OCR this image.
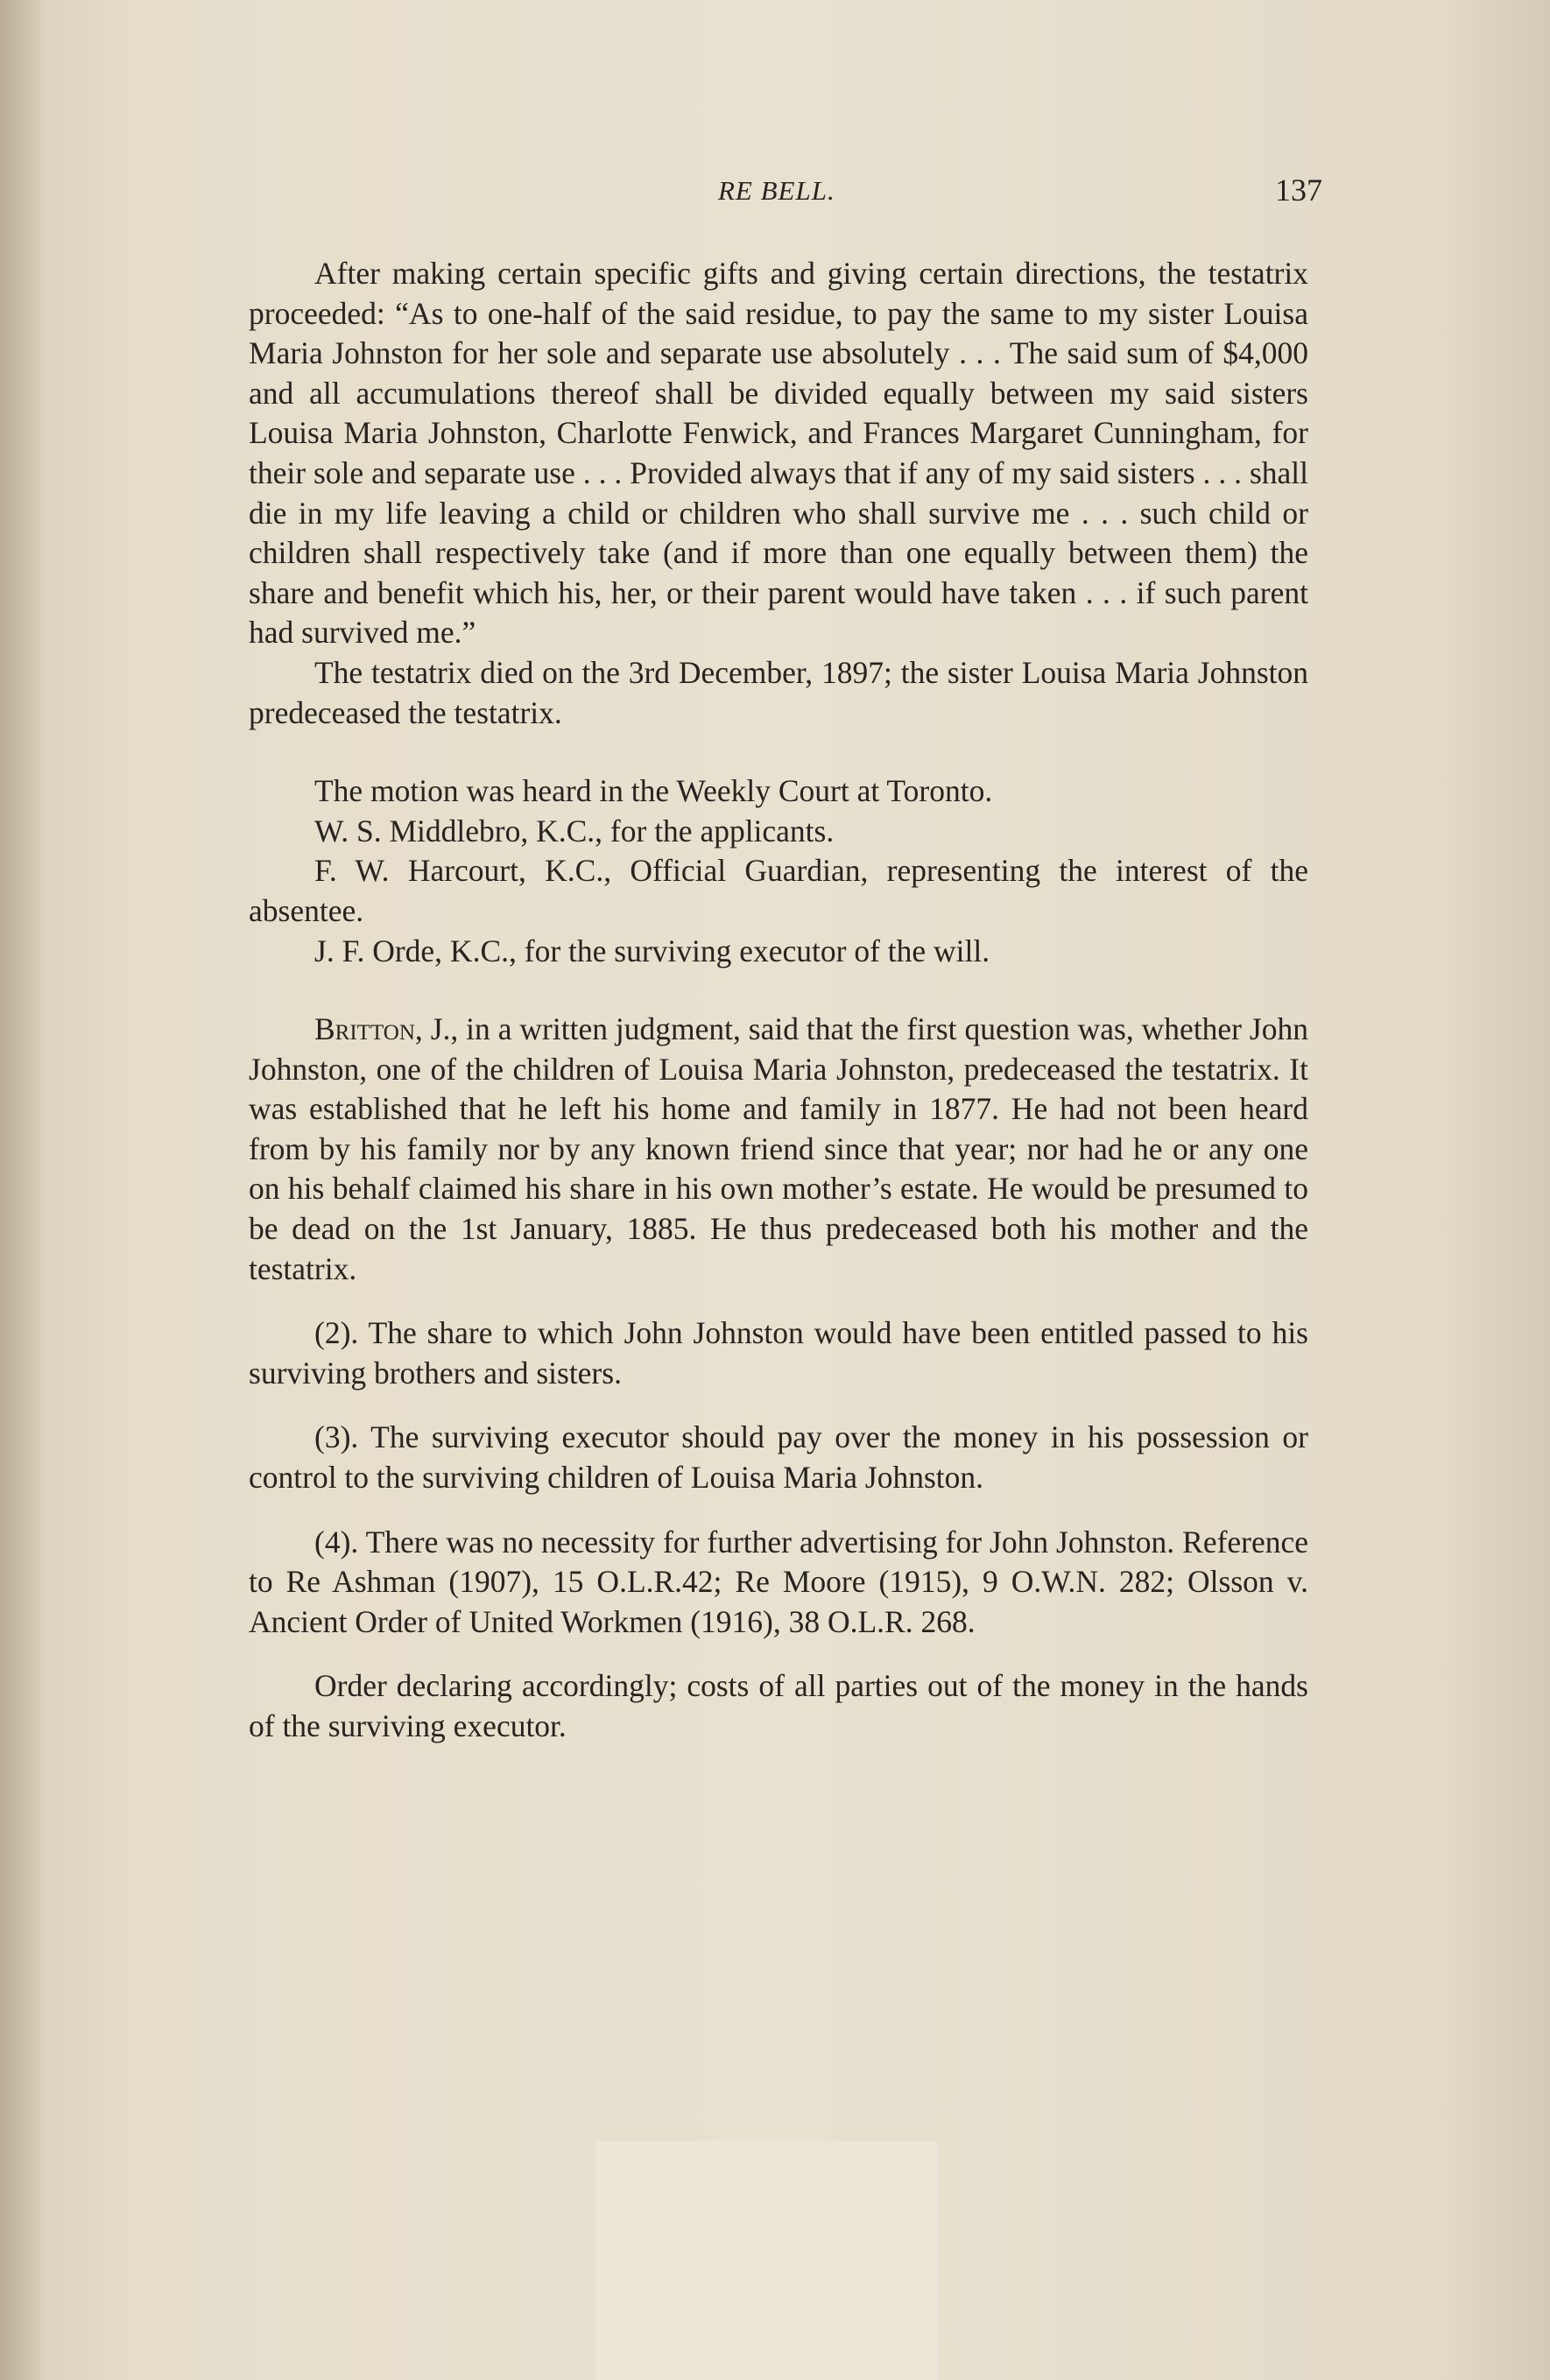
RE BELL.	137

After making certain specific gifts and giving certain directions, the testatrix proceeded: “As to one-half of the said residue, to pay the same to my sister Louisa Maria Johnston for her sole and separate use absolutely . . . The said sum of $4,000 and all accumulations thereof shall be divided equally between my said sisters Louisa Maria Johnston, Charlotte Fenwick, and Frances Margaret Cunningham, for their sole and separate use . . . Provided always that if any of my said sisters . . . shall die in my life leaving a child or children who shall survive me . . . such child or children shall respectively take (and if more than one equally between them) the share and benefit which his, her, or their parent would have taken . . . if such parent had survived me.”

The testatrix died on the 3rd December, 1897; the sister Louisa Maria Johnston predeceased the testatrix.

The motion was heard in the Weekly Court at Toronto.

W. S. Middlebro, K.C., for the applicants.

F. W. Harcourt, K.C., Official Guardian, representing the interest of the absentee.

J. F. Orde, K.C., for the surviving executor of the will.

Britton, J., in a written judgment, said that the first question was, whether John Johnston, one of the children of Louisa Maria Johnston, predeceased the testatrix. It was established that he left his home and family in 1877. He had not been heard from by his family nor by any known friend since that year; nor had he or any one on his behalf claimed his share in his own mother’s estate. He would be presumed to be dead on the 1st January, 1885. He thus predeceased both his mother and the testatrix.

(2). The share to which John Johnston would have been entitled passed to his surviving brothers and sisters.

(3). The surviving executor should pay over the money in his possession or control to the surviving children of Louisa Maria Johnston.

(4). There was no necessity for further advertising for John Johnston. Reference to Re Ashman (1907), 15 O.L.R.42; Re Moore (1915), 9 O.W.N. 282; Olsson v. Ancient Order of United Workmen (1916), 38 O.L.R. 268.

Order declaring accordingly; costs of all parties out of the money in the hands of the surviving executor.
